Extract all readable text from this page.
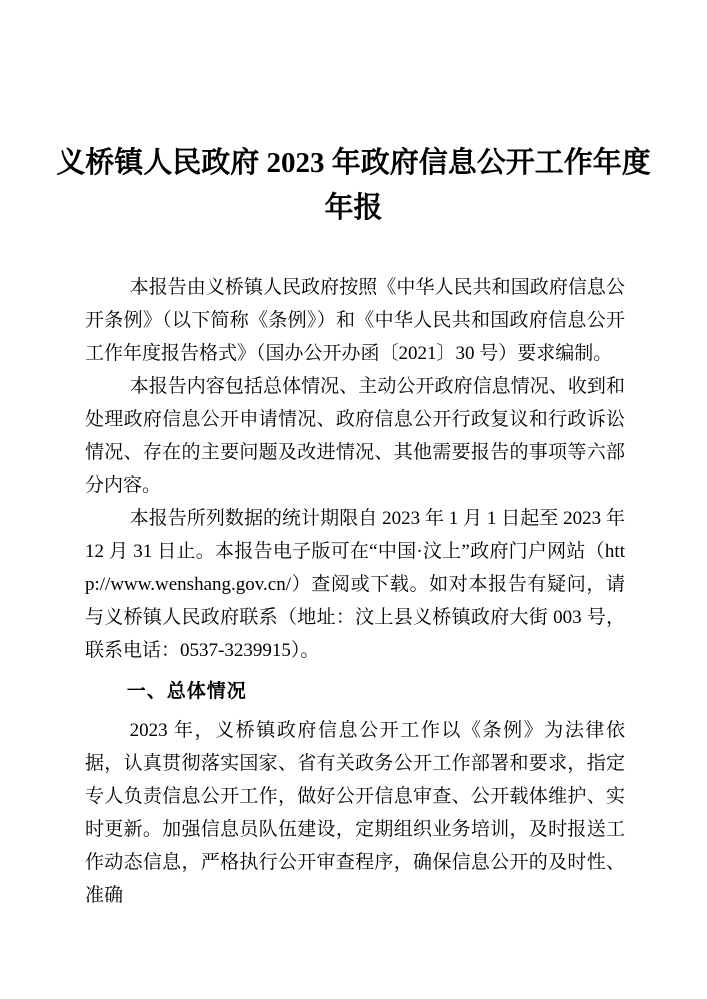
义桥镇人民政府 2023 年政府信息公开工作年度
年报

本报告由义桥镇人民政府按照《中华人民共和国政府信息公开条例》（以下简称《条例》）和《中华人民共和国政府信息公开工作年度报告格式》（国办公开办函〔2021〕30 号）要求编制。

本报告内容包括总体情况、主动公开政府信息情况、收到和处理政府信息公开申请情况、政府信息公开行政复议和行政诉讼情况、存在的主要问题及改进情况、其他需要报告的事项等六部分内容。

本报告所列数据的统计期限自 2023 年 1 月 1 日起至 2023 年 12 月 31 日止。本报告电子版可在“中国·汶上”政府门户网站（http://www.wenshang.gov.cn/）查阅或下载。如对本报告有疑问，请与义桥镇人民政府联系（地址：汶上县义桥镇政府大街 003 号，联系电话：0537-3239915）。

一、总体情况

2023 年，义桥镇政府信息公开工作以《条例》为法律依据，认真贯彻落实国家、省有关政务公开工作部署和要求，指定专人负责信息公开工作，做好公开信息审查、公开载体维护、实时更新。加强信息员队伍建设，定期组织业务培训，及时报送工作动态信息，严格执行公开审查程序，确保信息公开的及时性、准确
